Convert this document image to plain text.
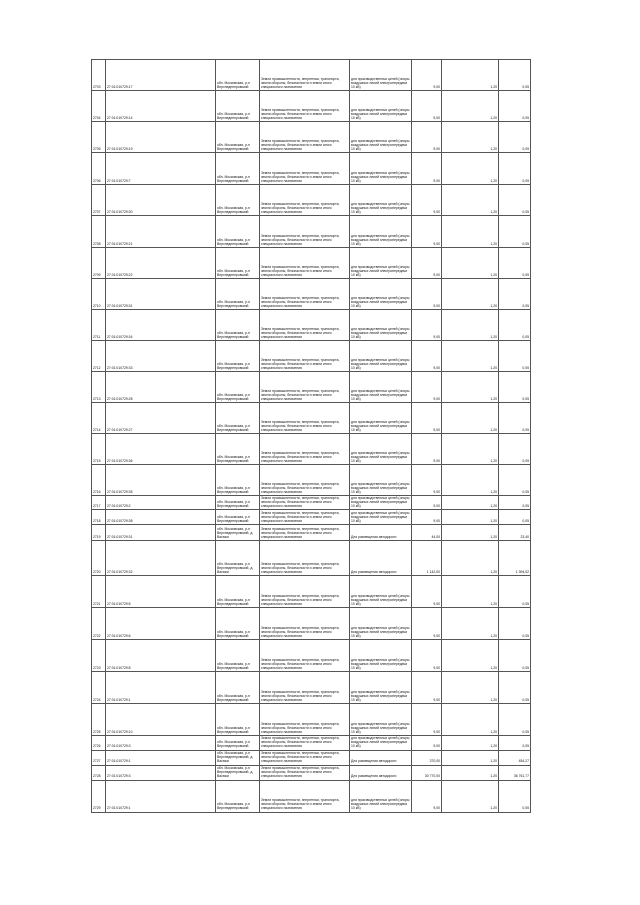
2703	27:01:010729:17	обл. Московская, р-н Верхнеднепровский	Земли промышленности, энергетики, транспорта, земли обороны, безопасности и земли иного специального назначения	для производственных целей (опоры воздушных линий электропередачи 10 кВ)	9,00	1,20	0,05
2704	27:01:010729:14	обл. Московская, р-н Верхнеднепровский	Земли промышленности, энергетики, транспорта, земли обороны, безопасности и земли иного специального назначения	для производственных целей (опоры воздушных линий электропередачи 10 кВ)	9,00	1,20	0,05
2705	27:01:010729:19	обл. Московская, р-н Верхнеднепровский	Земли промышленности, энергетики, транспорта, земли обороны, безопасности и земли иного специального назначения	для производственных целей (опоры воздушных линий электропередачи 10 кВ)	9,00	1,20	0,05
2706	27:01:010729:7	обл. Московская, р-н Верхнеднепровский	Земли промышленности, энергетики, транспорта, земли обороны, безопасности и земли иного специального назначения	для производственных целей (опоры воздушных линий электропередачи 10 кВ)	9,00	1,20	0,05
2707	27:01:010729:30	обл. Московская, р-н Верхнеднепровский	Земли промышленности, энергетики, транспорта, земли обороны, безопасности и земли иного специального назначения	для производственных целей (опоры воздушных линий электропередачи 10 кВ)	9,00	1,20	0,05
2708	27:01:010729:21	обл. Московская, р-н Верхнеднепровский	Земли промышленности, энергетики, транспорта, земли обороны, безопасности и земли иного специального назначения	для производственных целей (опоры воздушных линий электропередачи 10 кВ)	9,00	1,20	0,05
2709	27:01:010729:22	обл. Московская, р-н Верхнеднепровский	Земли промышленности, энергетики, транспорта, земли обороны, безопасности и земли иного специального назначения	для производственных целей (опоры воздушных линий электропередачи 10 кВ)	9,00	1,20	0,05
2710	27:01:010729:31	обл. Московская, р-н Верхнеднепровский	Земли промышленности, энергетики, транспорта, земли обороны, безопасности и земли иного специального назначения	для производственных целей (опоры воздушных линий электропередачи 10 кВ)	9,00	1,20	0,05
2711	27:01:010729:34	обл. Московская, р-н Верхнеднепровский	Земли промышленности, энергетики, транспорта, земли обороны, безопасности и земли иного специального назначения	для производственных целей (опоры воздушных линий электропередачи 10 кВ)	9,00	1,20	0,05
2712	27:01:010729:33	обл. Московская, р-н Верхнеднепровский	Земли промышленности, энергетики, транспорта, земли обороны, безопасности и земли иного специального назначения	для производственных целей (опоры воздушных линий электропередачи 10 кВ)	9,00	1,20	0,05
2713	27:01:010729:28	обл. Московская, р-н Верхнеднепровский	Земли промышленности, энергетики, транспорта, земли обороны, безопасности и земли иного специального назначения	для производственных целей (опоры воздушных линий электропередачи 10 кВ)	9,00	1,20	0,05
2714	27:01:010729:27	обл. Московская, р-н Верхнеднепровский	Земли промышленности, энергетики, транспорта, земли обороны, безопасности и земли иного специального назначения	для производственных целей (опоры воздушных линий электропередачи 10 кВ)	9,00	1,20	0,05
2715	27:01:010729:36	обл. Московская, р-н Верхнеднепровский	Земли промышленности, энергетики, транспорта, земли обороны, безопасности и земли иного специального назначения	для производственных целей (опоры воздушных линий электропередачи 10 кВ)	9,00	1,20	0,05
2716	27:01:010729:35	обл. Московская, р-н Верхнеднепровский	Земли промышленности, энергетики, транспорта, земли обороны, безопасности и земли иного специального назначения	для производственных целей (опоры воздушных линий электропередачи 10 кВ)	9,00	1,20	0,05
2717	27:01:010729:2	обл. Московская, р-н Верхнеднепровский	Земли промышленности, энергетики, транспорта, земли обороны, безопасности и земли иного специального назначения	для производственных целей (опоры воздушных линий электропередачи 10 кВ)	9,00	1,20	0,05
2718	27:01:010729:38	обл. Московская, р-н Верхнеднепровский	Земли промышленности, энергетики, транспорта, земли обороны, безопасности и земли иного специального назначения	для производственных целей (опоры воздушных линий электропередачи 10 кВ)	9,00	1,20	0,05
2719	27:01:010729:31	обл. Московская, р-н Верхнеднепровский, д. Васюки	Земли промышленности, энергетики, транспорта, земли обороны, безопасности и земли иного специального назначения	Для размещения автодороги	44,00	1,20	23,40
2720	27:01:010729:32	обл. Московская, р-н Верхнеднепровский, д. Васюки	Земли промышленности, энергетики, транспорта, земли обороны, безопасности и земли иного специального назначения	Для размещения автодороги	1 142,00	1,20	1 394,02
2721	27:01:010729:5	обл. Московская, р-н Верхнеднепровский	Земли промышленности, энергетики, транспорта, земли обороны, безопасности и земли иного специального назначения	для производственных целей (опоры воздушных линий электропередачи 10 кВ)	9,00	1,20	0,05
2722	27:01:010729:6	обл. Московская, р-н Верхнеднепровский	Земли промышленности, энергетики, транспорта, земли обороны, безопасности и земли иного специального назначения	для производственных целей (опоры воздушных линий электропередачи 10 кВ)	9,00	1,20	0,05
2723	27:01:010729:8	обл. Московская, р-н Верхнеднепровский	Земли промышленности, энергетики, транспорта, земли обороны, безопасности и земли иного специального назначения	для производственных целей (опоры воздушных линий электропередачи 10 кВ)	9,00	1,20	0,05
2724	27:01:010729:1	обл. Московская, р-н Верхнеднепровский	Земли промышленности, энергетики, транспорта, земли обороны, безопасности и земли иного специального назначения	для производственных целей (опоры воздушных линий электропередачи 10 кВ)	9,00	1,20	0,05
2725	27:01:010729:10	обл. Московская, р-н Верхнеднепровский	Земли промышленности, энергетики, транспорта, земли обороны, безопасности и земли иного специального назначения	для производственных целей (опоры воздушных линий электропередачи 10 кВ)	9,00	1,20	0,05
2726	27:01:010729:3	обл. Московская, р-н Верхнеднепровский	Земли промышленности, энергетики, транспорта, земли обороны, безопасности и земли иного специального назначения	для производственных целей (опоры воздушных линий электропередачи 10 кВ)	9,00	1,20	0,05
2727	27:01:010729:1	обл. Московская, р-н Верхнеднепровский, д. Васюки	Земли промышленности, энергетики, транспорта, земли обороны, безопасности и земли иного специального назначения	Для размещения автодороги	370,00	1,20	454,27
2728	27:01:010729:3	обл. Московская, р-н Верхнеднепровский, д. Васюки	Земли промышленности, энергетики, транспорта, земли обороны, безопасности и земли иного специального назначения	Для размещения автодороги	30 770,00	1,20	36 761,77
2729	27:01:010729:1	обл. Московская, р-н Верхнеднепровский	Земли промышленности, энергетики, транспорта, земли обороны, безопасности и земли иного специального назначения	для производственных целей (опоры воздушных линий электропередачи 10 кВ)	9,00	1,20	0,05
